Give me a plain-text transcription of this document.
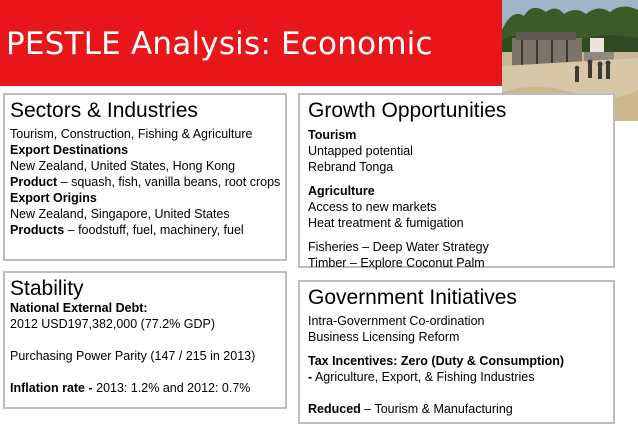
PESTLE Analysis: Economic
Sectors & Industries

Tourism, Construction, Fishing & Agriculture

Export Destinations

New Zealand, United States, Hong Kong

Product – squash, fish, vanilla beans, root crops

Export Origins

New Zealand, Singapore, United States

Products – foodstuff, fuel, machinery, fuel

Growth Opportunities

Tourism

Untapped potential

Rebrand Tonga

Agriculture

Access to new markets

Heat treatment & fumigation

Fisheries – Deep Water Strategy

Timber – Explore Coconut Palm

Stability

National External Debt:

2012 USD197,382,000 (77.2% GDP)

Purchasing Power Parity (147 / 215 in 2013)

Inflation rate - 2013: 1.2% and 2012: 0.7%

Government Initiatives

Intra-Government Co-ordination

Business Licensing Reform

Tax Incentives: Zero (Duty & Consumption)

- Agriculture, Export, & Fishing Industries

Reduced – Tourism & Manufacturing
